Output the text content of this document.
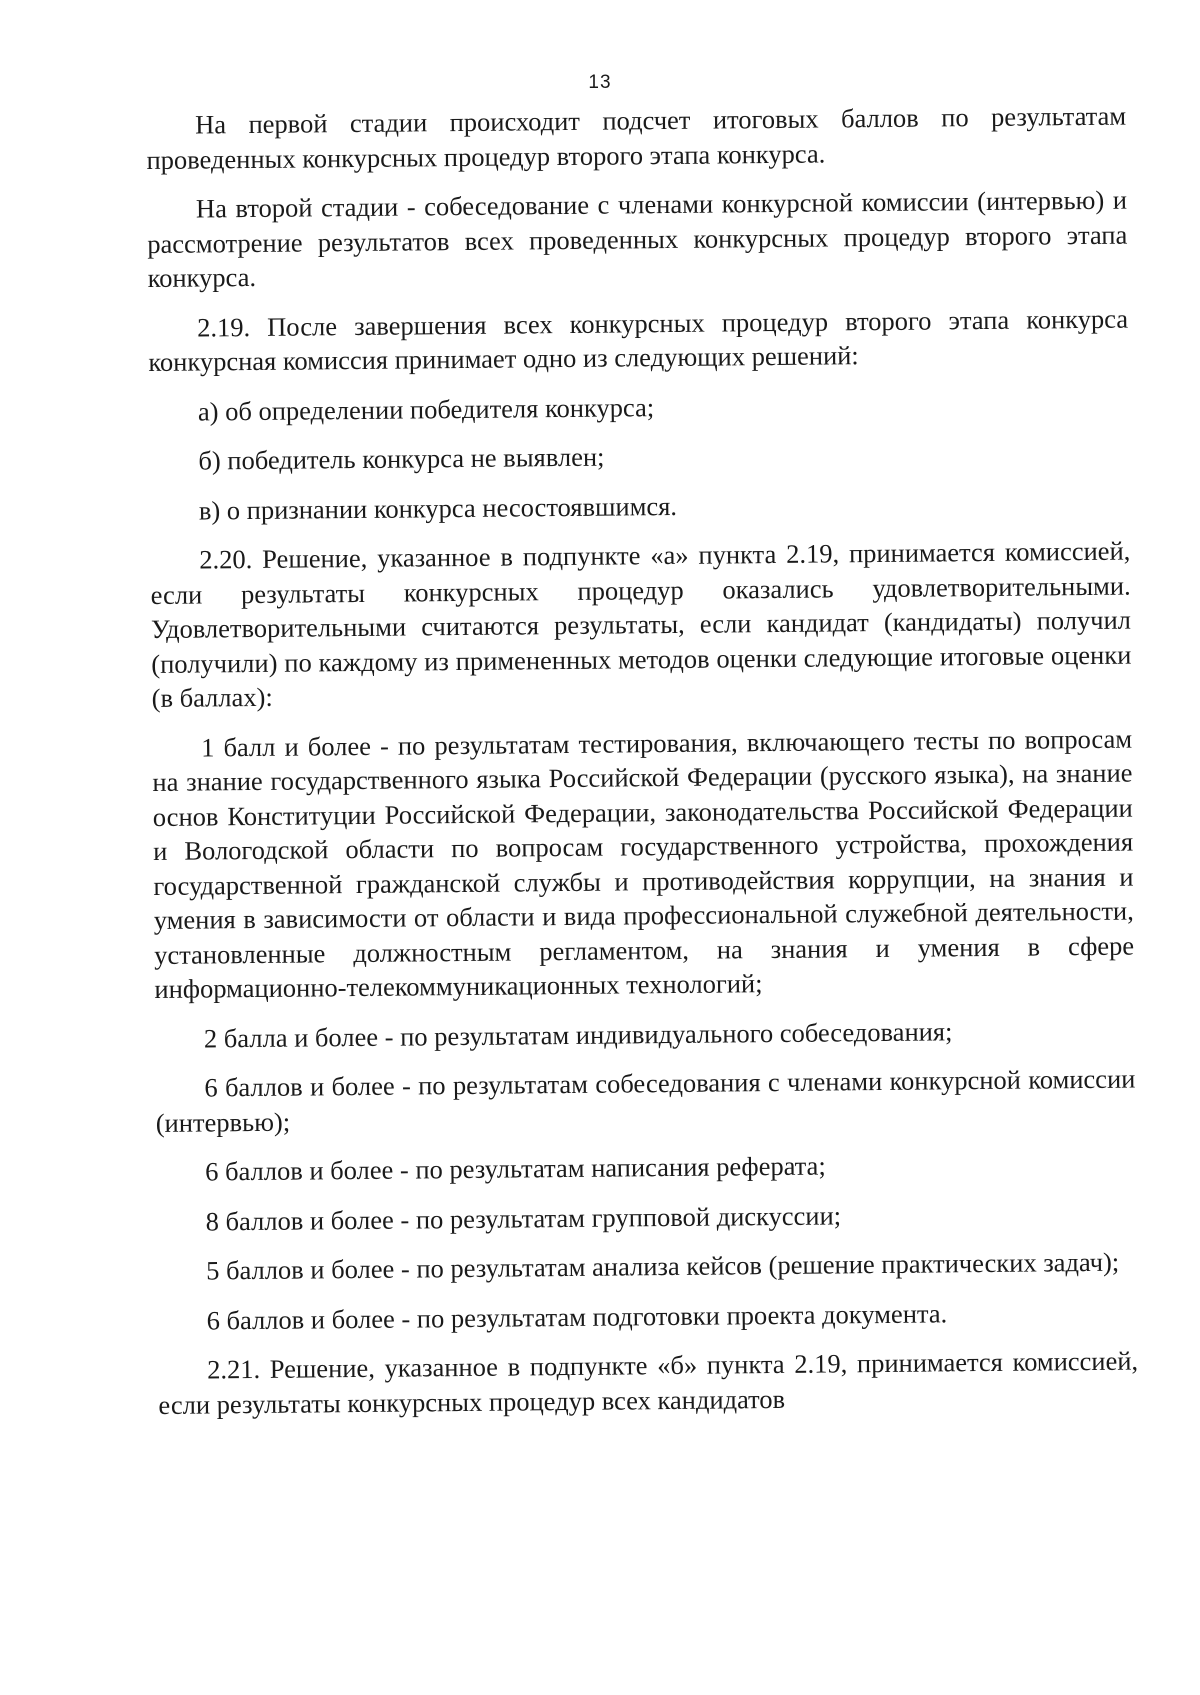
13

На первой стадии происходит подсчет итоговых баллов по результатам проведенных конкурсных процедур второго этапа конкурса.

На второй стадии - собеседование с членами конкурсной комиссии (интервью) и рассмотрение результатов всех проведенных конкурсных процедур второго этапа конкурса.

2.19. После завершения всех конкурсных процедур второго этапа конкурса конкурсная комиссия принимает одно из следующих решений:

а) об определении победителя конкурса;

б) победитель конкурса не выявлен;

в) о признании конкурса несостоявшимся.

2.20. Решение, указанное в подпункте «а» пункта 2.19, принимается комиссией, если результаты конкурсных процедур оказались удовлетворительными. Удовлетворительными считаются результаты, если кандидат (кандидаты) получил (получили) по каждому из примененных методов оценки следующие итоговые оценки (в баллах):

1 балл и более - по результатам тестирования, включающего тесты по вопросам на знание государственного языка Российской Федерации (русского языка), на знание основ Конституции Российской Федерации, законодательства Российской Федерации и Вологодской области по вопросам государственного устройства, прохождения государственной гражданской службы и противодействия коррупции, на знания и умения в зависимости от области и вида профессиональной служебной деятельности, установленные должностным регламентом, на знания и умения в сфере информационно-телекоммуникационных технологий;

2 балла и более - по результатам индивидуального собеседования;

6 баллов и более - по результатам собеседования с членами конкурсной комиссии (интервью);

6 баллов и более - по результатам написания реферата;

8 баллов и более - по результатам групповой дискуссии;

5 баллов и более - по результатам анализа кейсов (решение практических задач);

6 баллов и более - по результатам подготовки проекта документа.

2.21. Решение, указанное в подпункте «б» пункта 2.19, принимается комиссией, если результаты конкурсных процедур всех кандидатов
